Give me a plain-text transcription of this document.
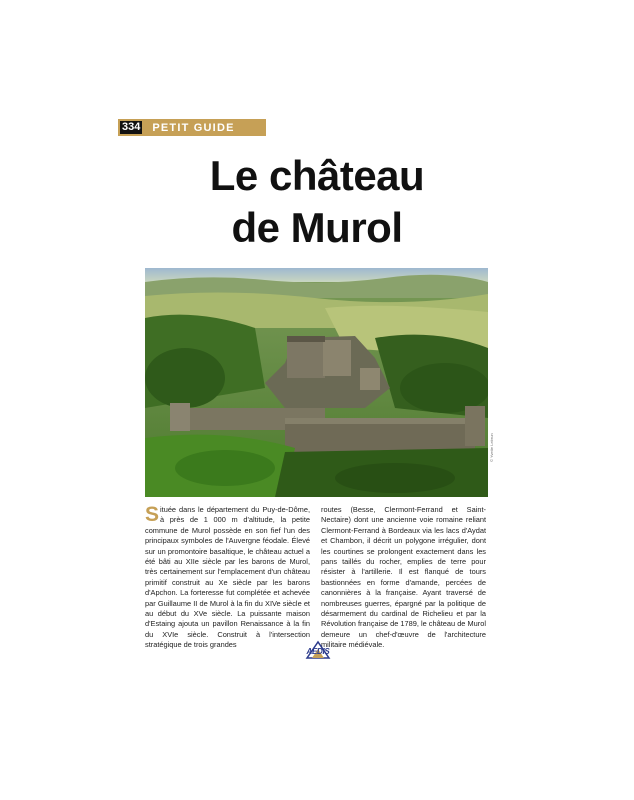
334 PETIT GUIDE
Le château
de Murol
© Yvette Lebrun
Située dans le département du Puy-de-Dôme, à près de 1 000 m d'altitude, la petite commune de Murol possède en son fief l'un des principaux symboles de l'Auvergne féodale. Élevé sur un promontoire basaltique, le château actuel a été bâti au XIIe siècle par les barons de Murol, très certainement sur l'emplacement d'un château primitif construit au Xe siècle par les barons d'Apchon. La forteresse fut complétée et achevée par Guillaume II de Murol à la fin du XIVe siècle et au début du XVe siècle. La puissante maison d'Estaing ajouta un pavillon Renaissance à la fin du XVIe siècle. Construit à l'intersection stratégique de trois grandes
routes (Besse, Clermont-Ferrand et Saint-Nectaire) dont une ancienne voie romaine reliant Clermont-Ferrand à Bordeaux via les lacs d'Aydat et Chambon, il décrit un polygone irrégulier, dont les courtines se prolongent exactement dans les pans taillés du rocher, emplies de terre pour résister à l'artillerie. Il est flanqué de tours bastionnées en forme d'amande, percées de canonnières à la française. Ayant traversé de nombreuses guerres, épargné par la politique de désarmement du cardinal de Richelieu et par la Révolution française de 1789, le château de Murol demeure un chef-d'œuvre de l'architecture militaire médiévale.
AEDIS
